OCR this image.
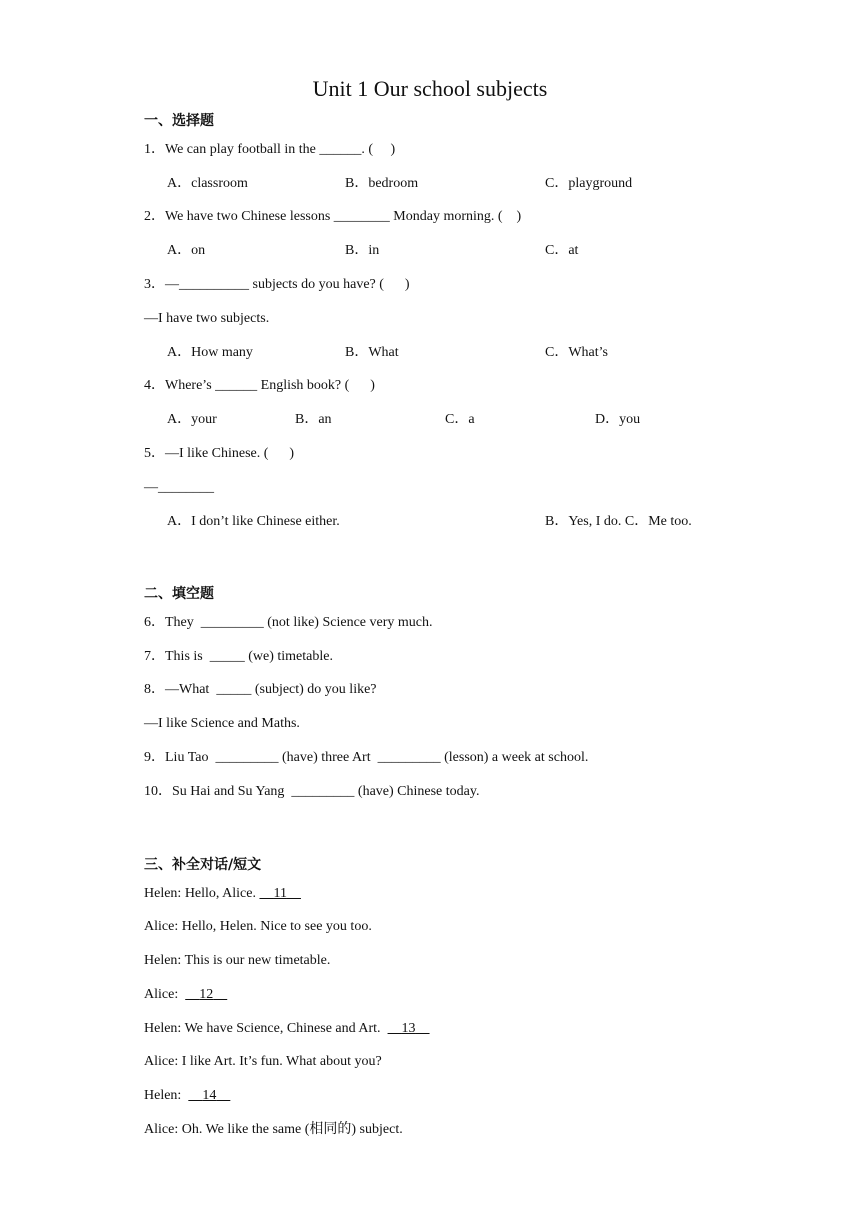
Unit 1 Our school subjects
一、选择题
1．We can play football in the ______. (     )
A．classroom	B．bedroom	C．playground
2．We have two Chinese lessons ________ Monday morning. (    )
A．on	B．in	C．at
3．—__________ subjects do you have? (      )
—I have two subjects.
A．How many	B．What	C．What’s
4．Where’s ______ English book? (      )
A．your	B．an	C．a	D．you
5．—I like Chinese. (      )
—________
A．I don’t like Chinese either.	B．Yes, I do. C．Me too.
二、填空题
6．They  _________ (not like) Science very much.
7．This is  _____ (we) timetable.
8．—What  _____ (subject) do you like?
—I like Science and Maths.
9．Liu Tao  _________ (have) three Art  _________ (lesson) a week at school.
10．Su Hai and Su Yang  _________ (have) Chinese today.
三、补全对话/短文
Helen: Hello, Alice.     11
Alice: Hello, Helen. Nice to see you too.
Helen: This is our new timetable.
Alice:      12
Helen: We have Science, Chinese and Art.      13
Alice: I like Art. It’s fun. What about you?
Helen:      14
Alice: Oh. We like the same (相同的) subject.
